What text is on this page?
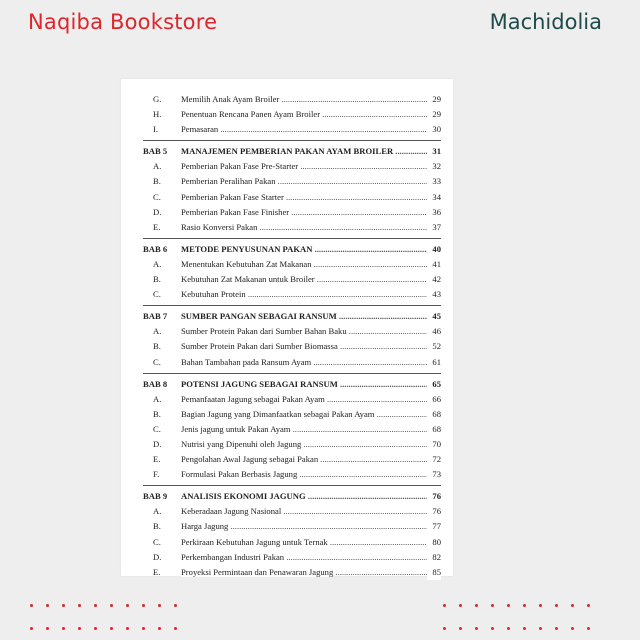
Naqiba Bookstore	Machidolia
G.	Memilih Anak Ayam Broiler .....	29
H.	Penentuan Rencana Panen Ayam Broiler .....	29
I.	Pemasaran .....	30
BAB 5	MANAJEMEN PEMBERIAN PAKAN AYAM BROILER .....	31
A.	Pemberian Pakan Fase Pre-Starter .....	32
B.	Pemberian Peralihan Pakan .....	33
C.	Pemberian Pakan Fase Starter .....	34
D.	Pemberian Pakan Fase Finisher .....	36
E.	Rasio Konversi Pakan .....	37
BAB 6	METODE PENYUSUNAN PAKAN .....	40
A.	Menentukan Kebutuhan Zat Makanan .....	41
B.	Kebutuhan Zat Makanan untuk Broiler .....	42
C.	Kebutuhan Protein .....	43
BAB 7	SUMBER PANGAN SEBAGAI RANSUM .....	45
A.	Sumber Protein Pakan dari Sumber Bahan Baku .....	46
B.	Sumber Protein Pakan dari Sumber Biomassa .....	52
C.	Bahan Tambahan pada Ransum Ayam .....	61
BAB 8	POTENSI JAGUNG SEBAGAI RANSUM .....	65
A.	Pemanfaatan Jagung sebagai Pakan Ayam .....	66
B.	Bagian Jagung yang Dimanfaatkan sebagai Pakan Ayam .....	68
C.	Jenis jagung untuk Pakan Ayam .....	68
D.	Nutrisi yang Dipenuhi oleh Jagung .....	70
E.	Pengolahan Awal Jagung sebagai Pakan .....	72
F.	Formulasi Pakan Berbasis Jagung .....	73
BAB 9	ANALISIS EKONOMI JAGUNG .....	76
A.	Keberadaan Jagung Nasional .....	76
B.	Harga Jagung .....	77
C.	Perkiraan Kebutuhan Jagung untuk Ternak .....	80
D.	Perkembangan Industri Pakan .....	82
E.	Proyeksi Permintaan dan Penawaran Jagung .....	85
